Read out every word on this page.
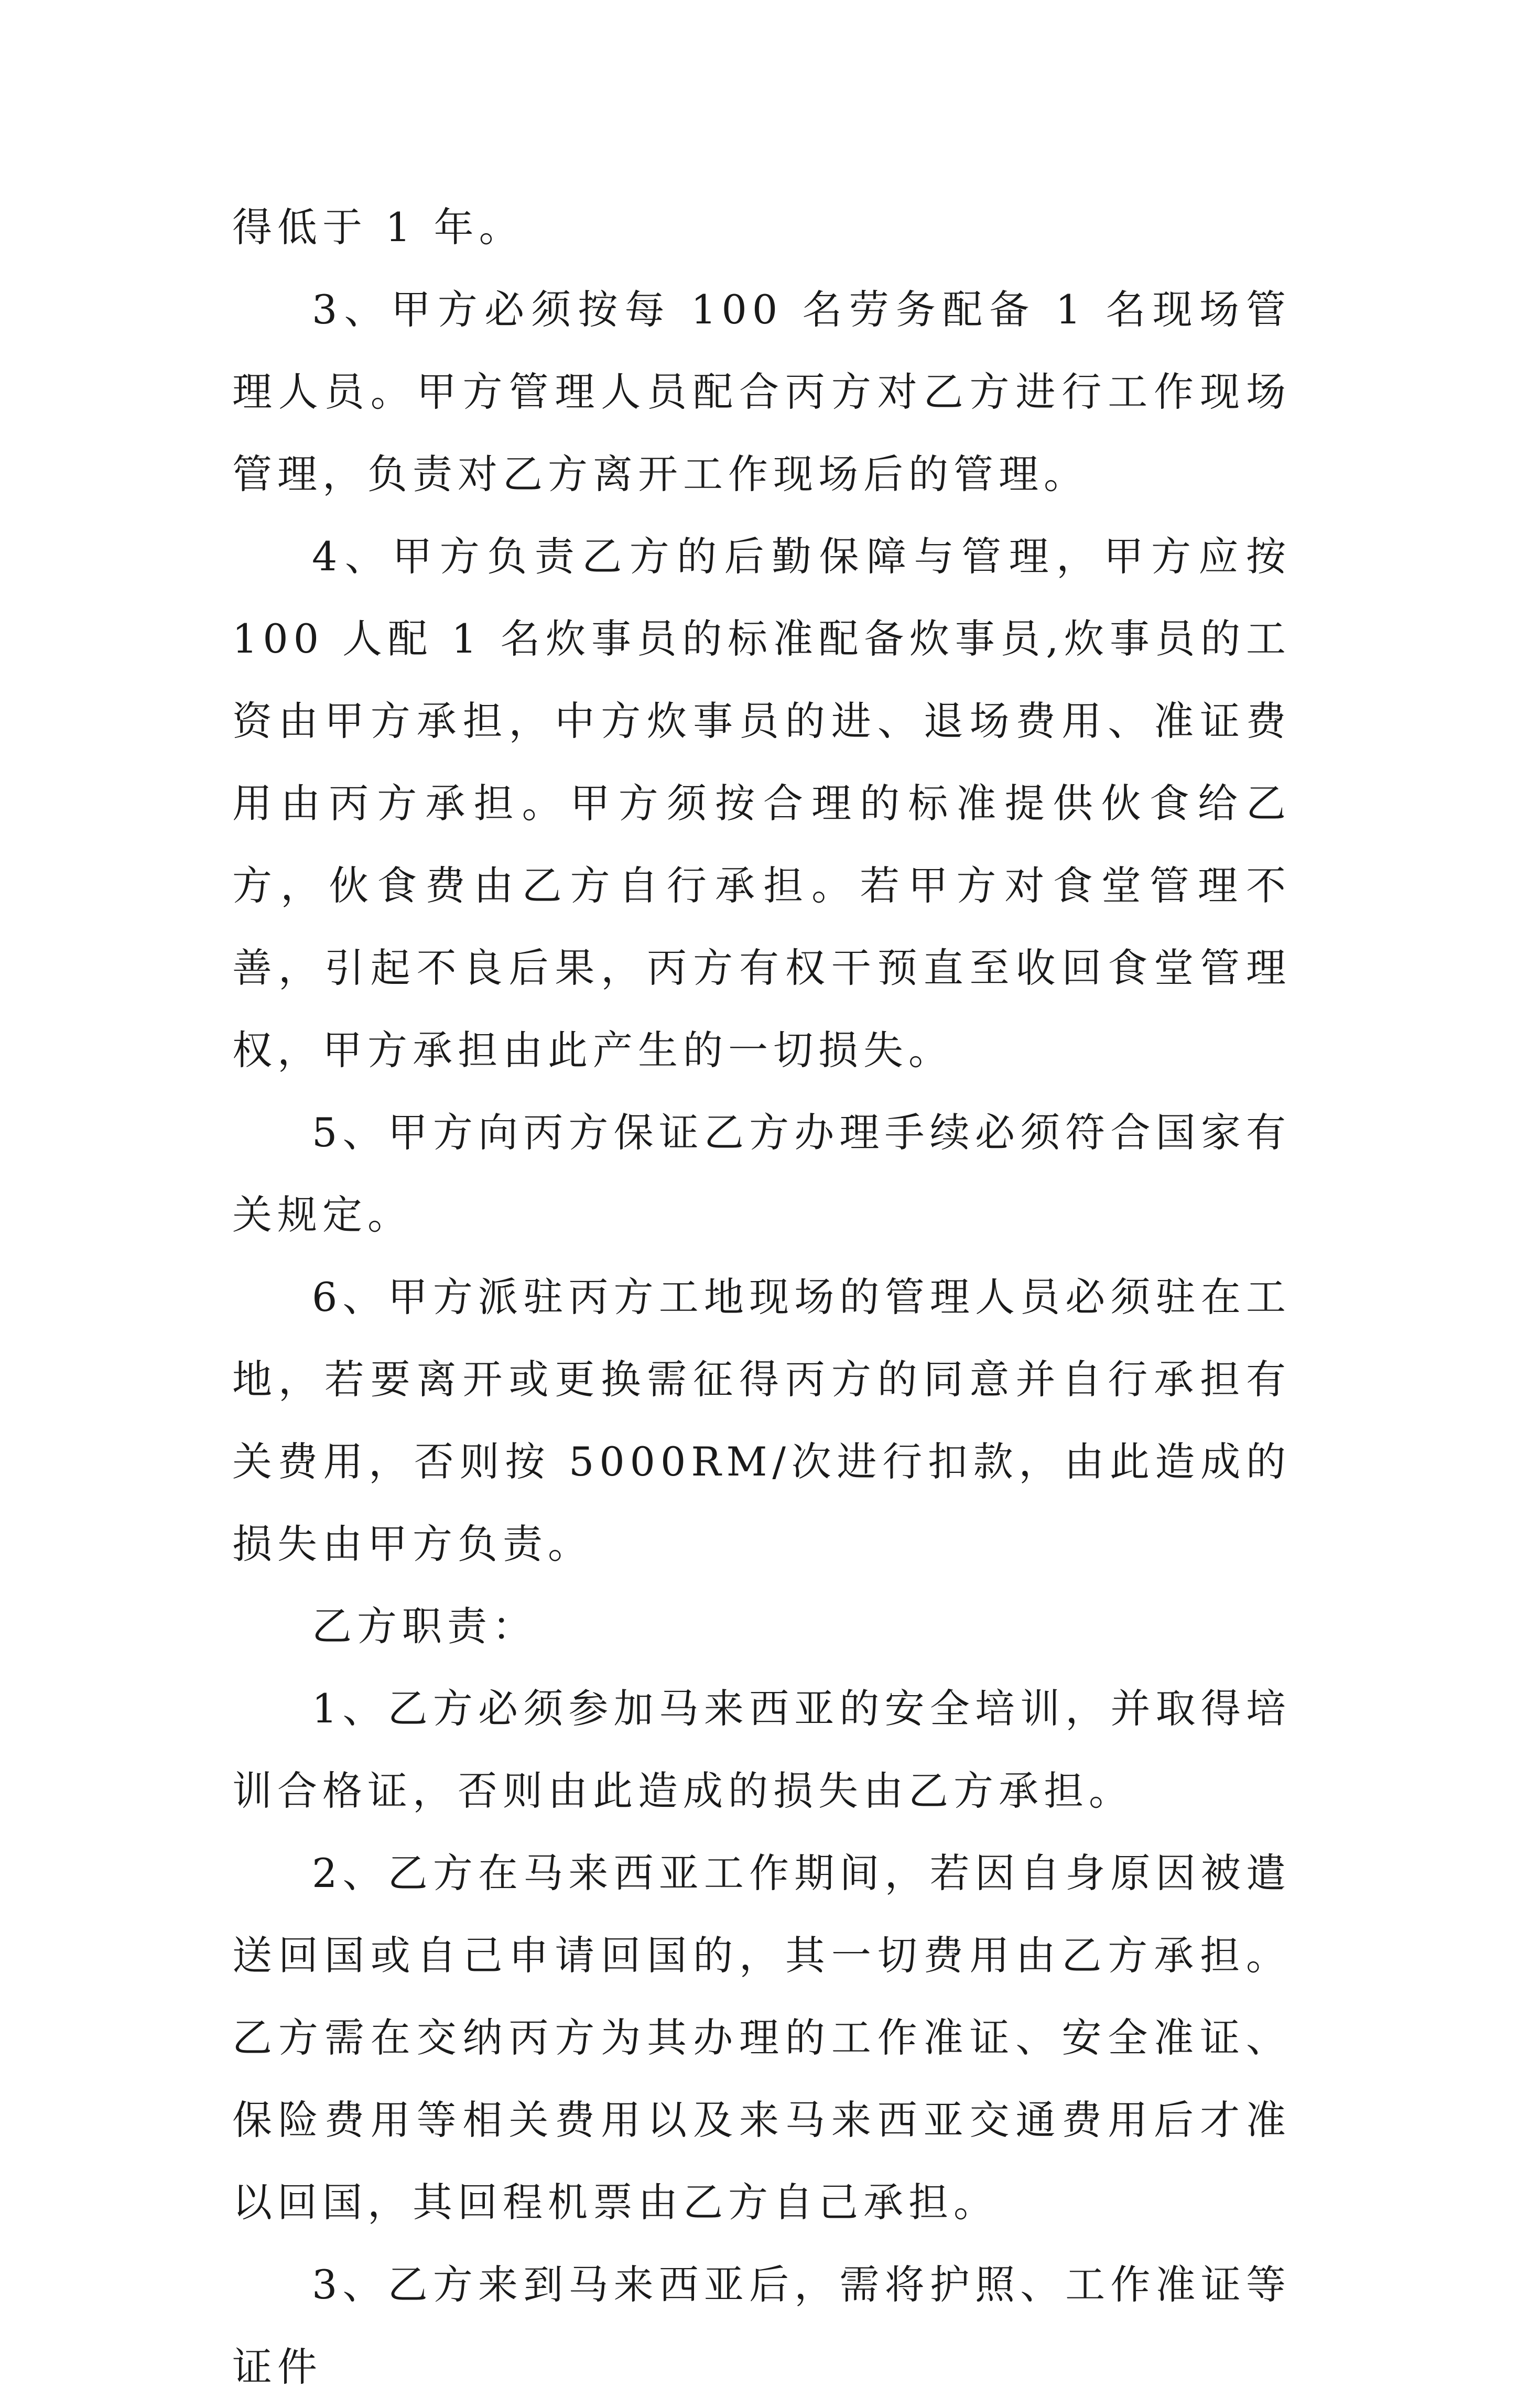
得低于 1 年。

3、甲方必须按每 100 名劳务配备 1 名现场管理人员。甲方管理人员配合丙方对乙方进行工作现场管理，负责对乙方离开工作现场后的管理。

4、甲方负责乙方的后勤保障与管理，甲方应按 100 人配 1 名炊事员的标准配备炊事员,炊事员的工资由甲方承担，中方炊事员的进、退场费用、准证费用由丙方承担。甲方须按合理的标准提供伙食给乙方，伙食费由乙方自行承担。若甲方对食堂管理不善，引起不良后果，丙方有权干预直至收回食堂管理权，甲方承担由此产生的一切损失。

5、甲方向丙方保证乙方办理手续必须符合国家有关规定。

6、甲方派驻丙方工地现场的管理人员必须驻在工地，若要离开或更换需征得丙方的同意并自行承担有关费用，否则按 5000RM/次进行扣款，由此造成的损失由甲方负责。

乙方职责：

1、乙方必须参加马来西亚的安全培训，并取得培训合格证，否则由此造成的损失由乙方承担。

2、乙方在马来西亚工作期间，若因自身原因被遣送回国或自己申请回国的，其一切费用由乙方承担。乙方需在交纳丙方为其办理的工作准证、安全准证、保险费用等相关费用以及来马来西亚交通费用后才准以回国，其回程机票由乙方自己承担。

3、乙方来到马来西亚后，需将护照、工作准证等证件
